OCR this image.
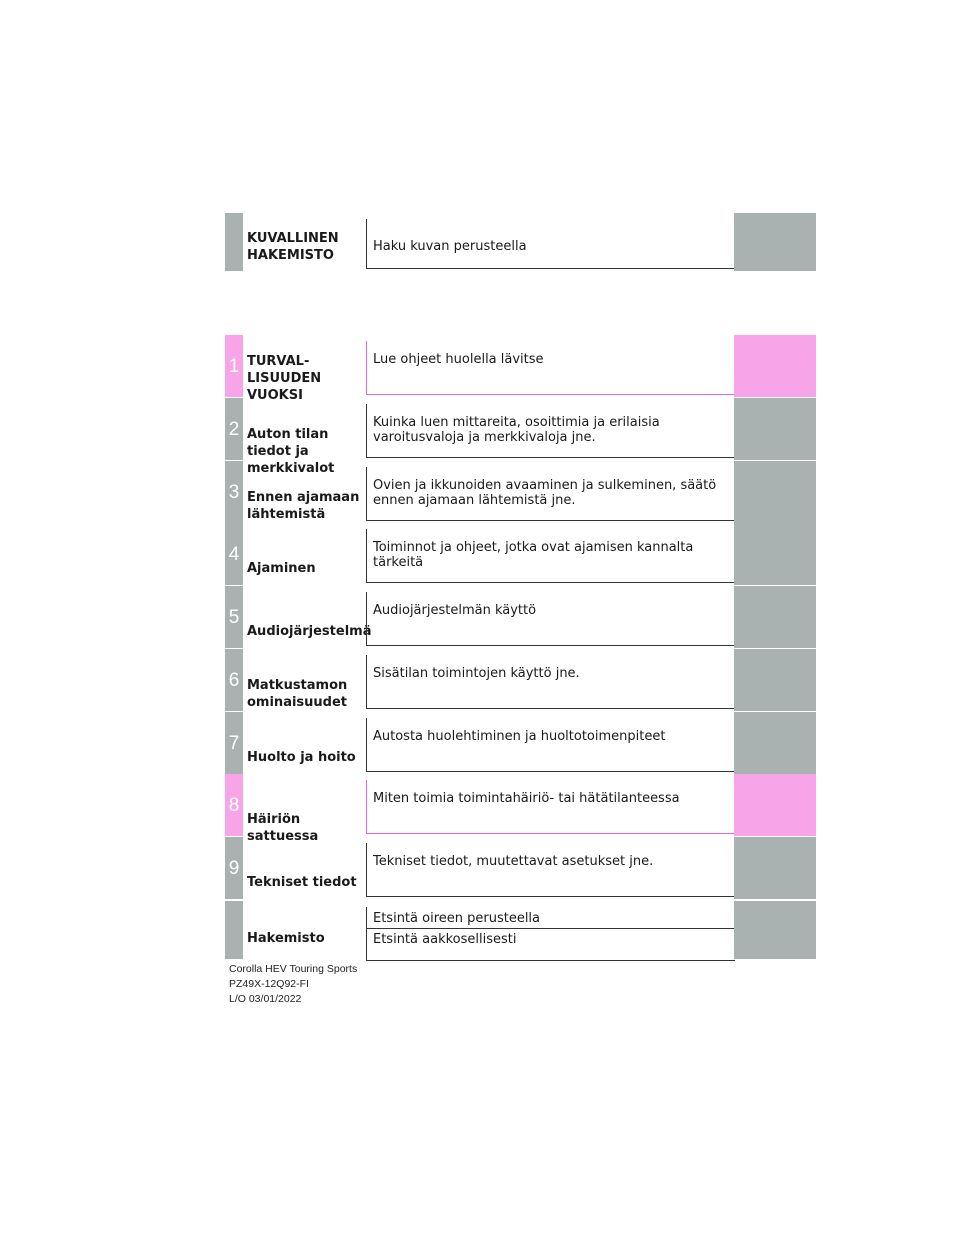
KUVALLINEN HAKEMISTO
Haku kuvan perusteella
1 TURVAL-LISUUDEN VUOKSI
Lue ohjeet huolella lävitse
2 Auton tilan tiedot ja merkkivalot
Kuinka luen mittareita, osoittimia ja erilaisia varoitusvaloja ja merkkivaloja jne.
3 Ennen ajamaan lähtemistä
Ovien ja ikkunoiden avaaminen ja sulkeminen, säätö ennen ajamaan lähtemistä jne.
4
Ajaminen
Toiminnot ja ohjeet, jotka ovat ajamisen kannalta tärkeitä
5
Audiojärjestelmä
Audiojärjestelmän käyttö
6 Matkustamon ominaisuudet
Sisätilan toimintojen käyttö jne.
7
Huolto ja hoito
Autosta huolehtiminen ja huoltotoimenpiteet
8
Häiriön sattuessa
Miten toimia toimintahäiriö- tai hätätilanteessa
9
Tekniset tiedot
Tekniset tiedot, muutettavat asetukset jne.
Hakemisto
Etsintä oireen perusteella
Etsintä aakkosellisesti
Corolla HEV Touring Sports
PZ49X-12Q92-FI
L/O 03/01/2022
